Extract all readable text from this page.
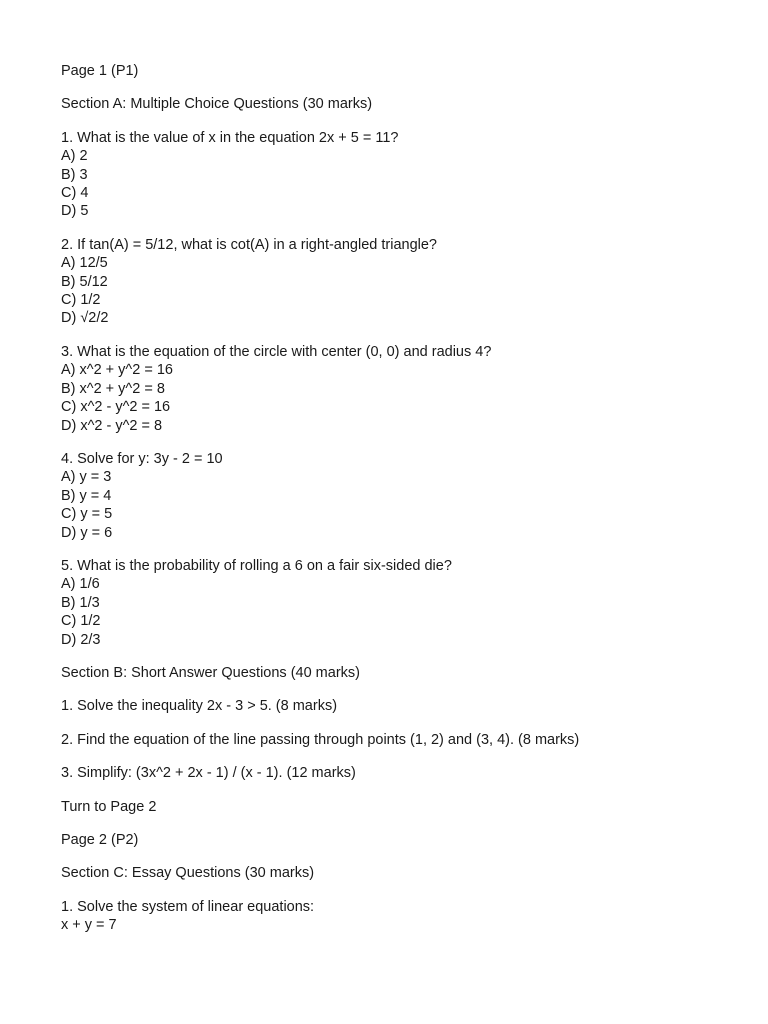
Page 1 (P1)
Section A: Multiple Choice Questions (30 marks)
1. What is the value of x in the equation 2x + 5 = 11?
A) 2
B) 3
C) 4
D) 5
2. If tan(A) = 5/12, what is cot(A) in a right-angled triangle?
A) 12/5
B) 5/12
C) 1/2
D) √2/2
3. What is the equation of the circle with center (0, 0) and radius 4?
A) x^2 + y^2 = 16
B) x^2 + y^2 = 8
C) x^2 - y^2 = 16
D) x^2 - y^2 = 8
4. Solve for y: 3y - 2 = 10
A) y = 3
B) y = 4
C) y = 5
D) y = 6
5. What is the probability of rolling a 6 on a fair six-sided die?
A) 1/6
B) 1/3
C) 1/2
D) 2/3
Section B: Short Answer Questions (40 marks)
1. Solve the inequality 2x - 3 > 5. (8 marks)
2. Find the equation of the line passing through points (1, 2) and (3, 4). (8 marks)
3. Simplify: (3x^2 + 2x - 1) / (x - 1). (12 marks)
Turn to Page 2
Page 2 (P2)
Section C: Essay Questions (30 marks)
1. Solve the system of linear equations:
x + y = 7
